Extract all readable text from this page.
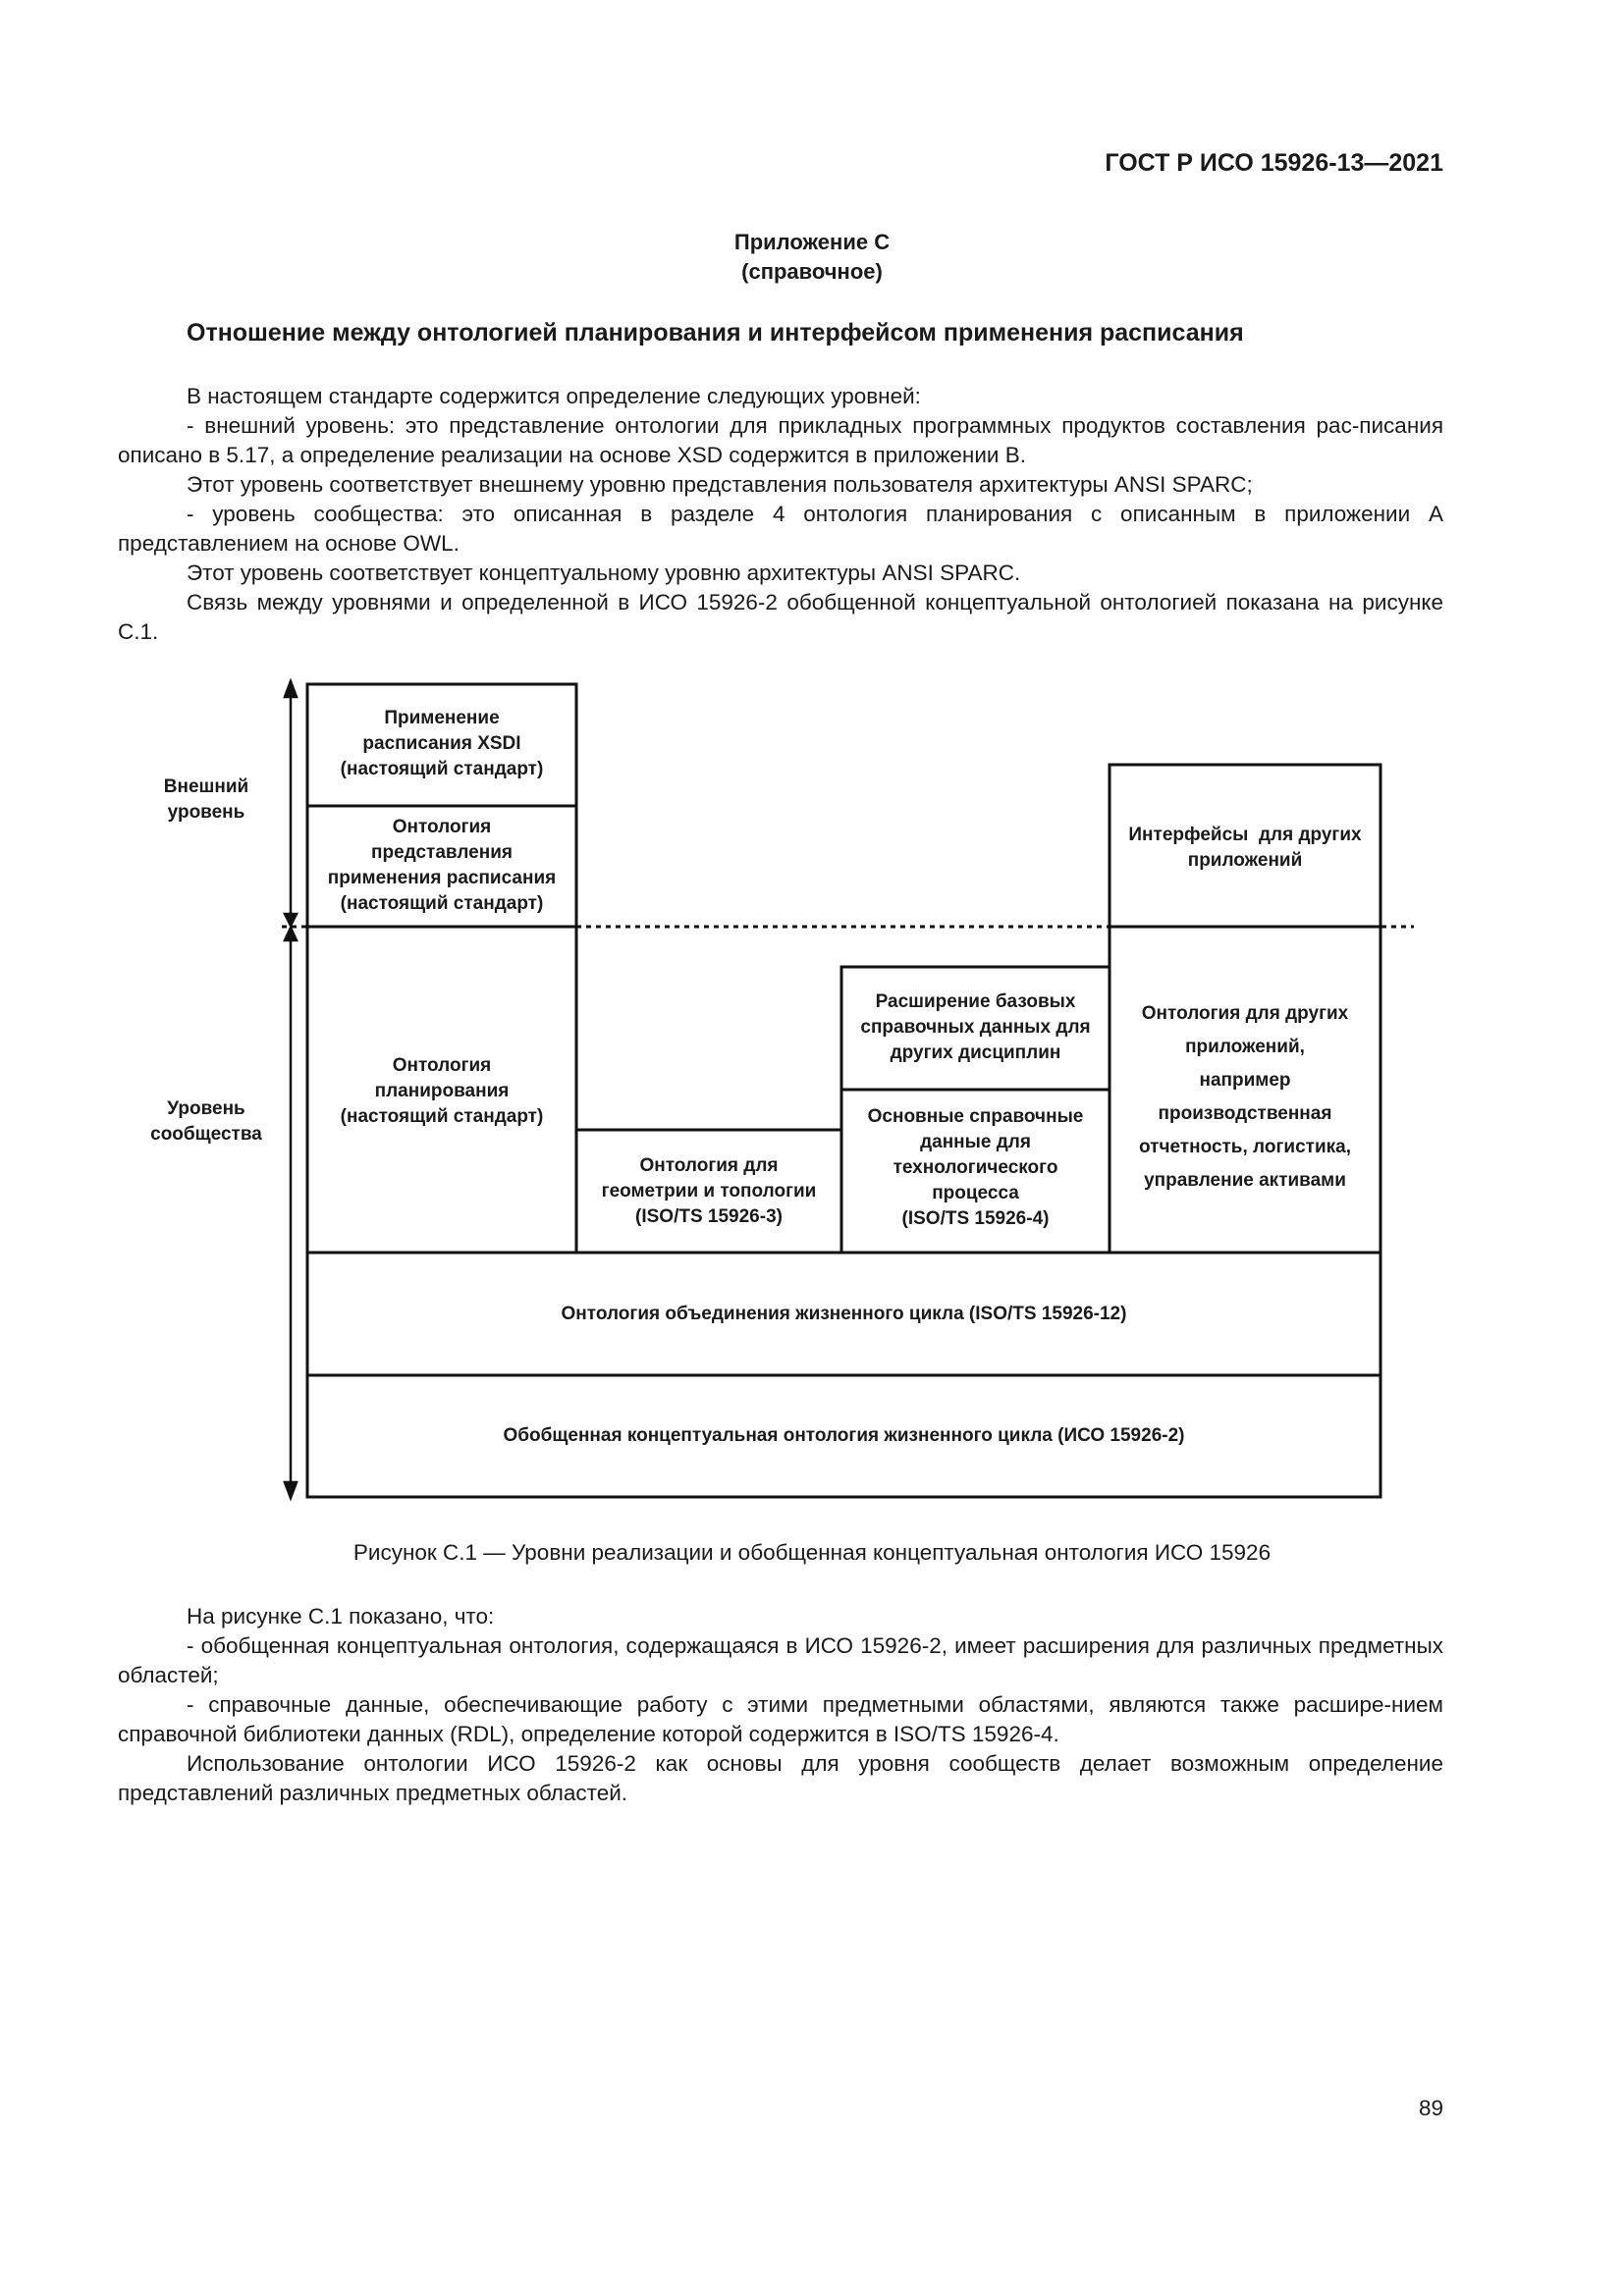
ГОСТ Р ИСО 15926-13—2021

Приложение С
(справочное)
Отношение между онтологией планирования и интерфейсом применения расписания

В настоящем стандарте содержится определение следующих уровней:

- внешний уровень: это представление онтологии для прикладных программных продуктов составления рас-писания описано в 5.17, а определение реализации на основе XSD содержится в приложении В.

Этот уровень соответствует внешнему уровню представления пользователя архитектуры ANSI SPARC;

- уровень сообщества: это описанная в разделе 4 онтология планирования с описанным в приложении А представлением на основе OWL.

Этот уровень соответствует концептуальному уровню архитектуры ANSI SPARC.

Связь между уровнями и определенной в ИСО 15926-2 обобщенной концептуальной онтологией показана на рисунке С.1.

Внешний
уровень
Уровень
сообщества
Применение
расписания XSDI
(настоящий стандарт)
Онтология
представления
применения расписания
(настоящий стандарт)
Онтология
планирования
(настоящий стандарт)
Онтология для
геометрии и топологии
(ISO/TS 15926-3)
Расширение базовых
справочных данных для
других дисциплин
Основные справочные
данные для
технологического
процесса
(ISO/TS 15926-4)
Интерфейсы  для других
приложений
Онтология для других
приложений,
например
производственная
отчетность, логистика,
управление активами
Онтология объединения жизненного цикла (ISO/TS 15926-12)
Обобщенная концептуальная онтология жизненного цикла (ИСО 15926-2)

Рисунок С.1 — Уровни реализации и обобщенная концептуальная онтология ИСО 15926

На рисунке С.1 показано, что:

- обобщенная концептуальная онтология, содержащаяся в ИСО 15926-2, имеет расширения для различных предметных областей;

- справочные данные, обеспечивающие работу с этими предметными областями, являются также расшире-нием справочной библиотеки данных (RDL), определение которой содержится в ISO/TS 15926-4.

Использование онтологии ИСО 15926-2 как основы для уровня сообществ делает возможным определение представлений различных предметных областей.

89
